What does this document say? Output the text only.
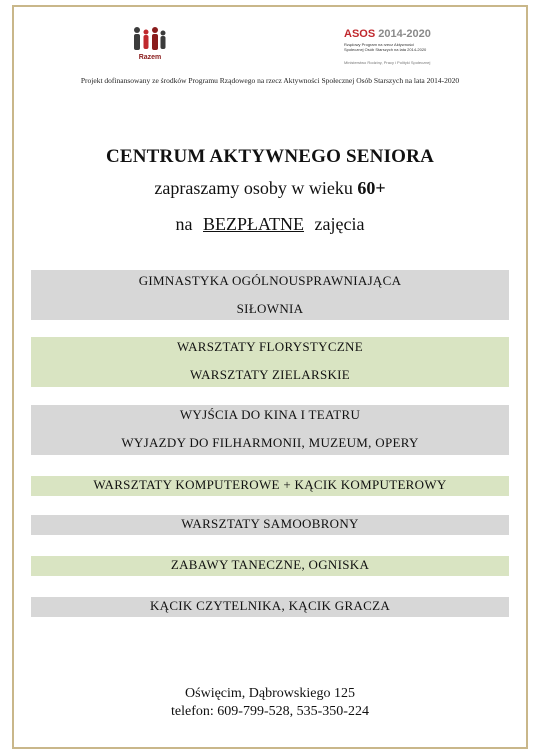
Razem
ASOS 2014-2020
Rządowy Program na rzecz Aktywności Społecznej Osób Starszych na lata 2014-2020
Ministerstwo Rodziny, Pracy i Polityki Społecznej
Projekt dofinansowany ze środków Programu Rządowego na rzecz Aktywności Społecznej Osób Starszych na lata 2014-2020
CENTRUM AKTYWNEGO SENIORA
zapraszamy osoby w wieku 60+
na BEZPŁATNE zajęcia
GIMNASTYKA OGÓLNOUSPRAWNIAJĄCA
SIŁOWNIA
WARSZTATY FLORYSTYCZNE
WARSZTATY ZIELARSKIE
WYJŚCIA DO KINA I TEATRU
WYJAZDY DO FILHARMONII, MUZEUM, OPERY
WARSZTATY KOMPUTEROWE + KĄCIK KOMPUTEROWY
WARSZTATY SAMOOBRONY
ZABAWY TANECZNE, OGNISKA
KĄCIK CZYTELNIKA, KĄCIK GRACZA
Oświęcim, Dąbrowskiego 125
telefon: 609-799-528, 535-350-224
